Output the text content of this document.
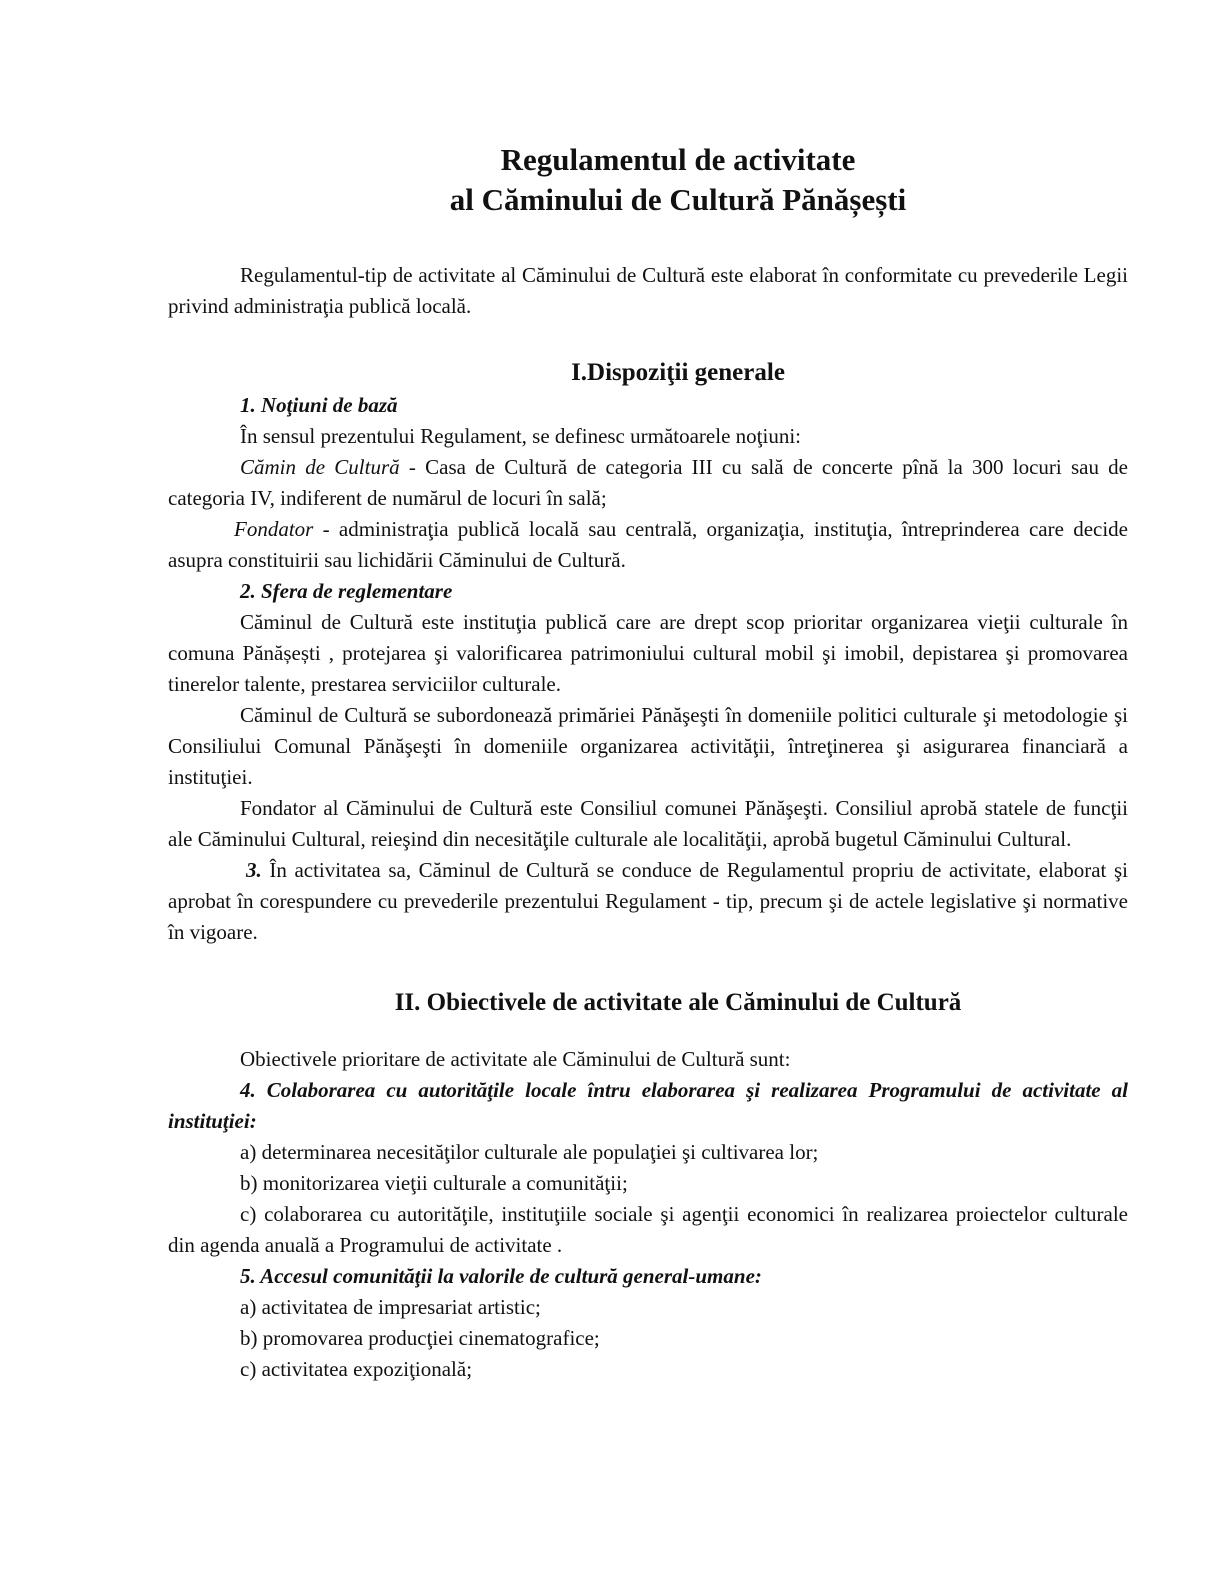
Regulamentul de activitate
al Căminului de Cultură Pănășești

Regulamentul-tip de activitate al Căminului de Cultură este elaborat în conformitate cu prevederile Legii privind administraţia publică locală.

I.Dispoziţii generale

1. Noţiuni de bază

În sensul prezentului Regulament, se definesc următoarele noţiuni:

Cămin de Cultură - Casa de Cultură de categoria III cu sală de concerte pînă la 300 locuri sau de categoria IV, indiferent de numărul de locuri în sală;

Fondator - administraţia publică locală sau centrală, organizaţia, instituţia, întreprinderea care decide asupra constituirii sau lichidării Căminului de Cultură.

2. Sfera de reglementare

Căminul de Cultură este instituţia publică care are drept scop prioritar organizarea vieţii culturale în comuna Pănășești , protejarea şi valorificarea patrimoniului cultural mobil şi imobil, depistarea şi promovarea tinerelor talente, prestarea serviciilor culturale.

Căminul de Cultură se subordonează primăriei Pănăşeşti în domeniile politici culturale şi metodologie şi Consiliului Comunal Pănăşeşti în domeniile organizarea activităţii, întreţinerea şi asigurarea financiară a instituţiei.

Fondator al Căminului de Cultură este Consiliul comunei Pănăşeşti. Consiliul aprobă statele de funcţii ale Căminului Cultural, reieşind din necesităţile culturale ale localităţii, aprobă bugetul Căminului Cultural.

3. În activitatea sa, Căminul de Cultură se conduce de Regulamentul propriu de activitate, elaborat şi aprobat în corespundere cu prevederile prezentului Regulament - tip, precum şi de actele legislative şi normative în vigoare.

II. Obiectivele de activitate ale Căminului de Cultură

Obiectivele prioritare de activitate ale Căminului de Cultură sunt:

4. Colaborarea cu autorităţile locale întru elaborarea şi realizarea Programului de activitate al instituţiei:

a) determinarea necesităţilor culturale ale populaţiei şi cultivarea lor;

b) monitorizarea vieţii culturale a comunităţii;

c) colaborarea cu autorităţile, instituţiile sociale şi agenţii economici în realizarea proiectelor culturale din agenda anuală a Programului de activitate .

5. Accesul comunităţii la valorile de cultură general-umane:

a) activitatea de impresariat artistic;

b) promovarea producţiei cinematografice;

c) activitatea expoziţională;
